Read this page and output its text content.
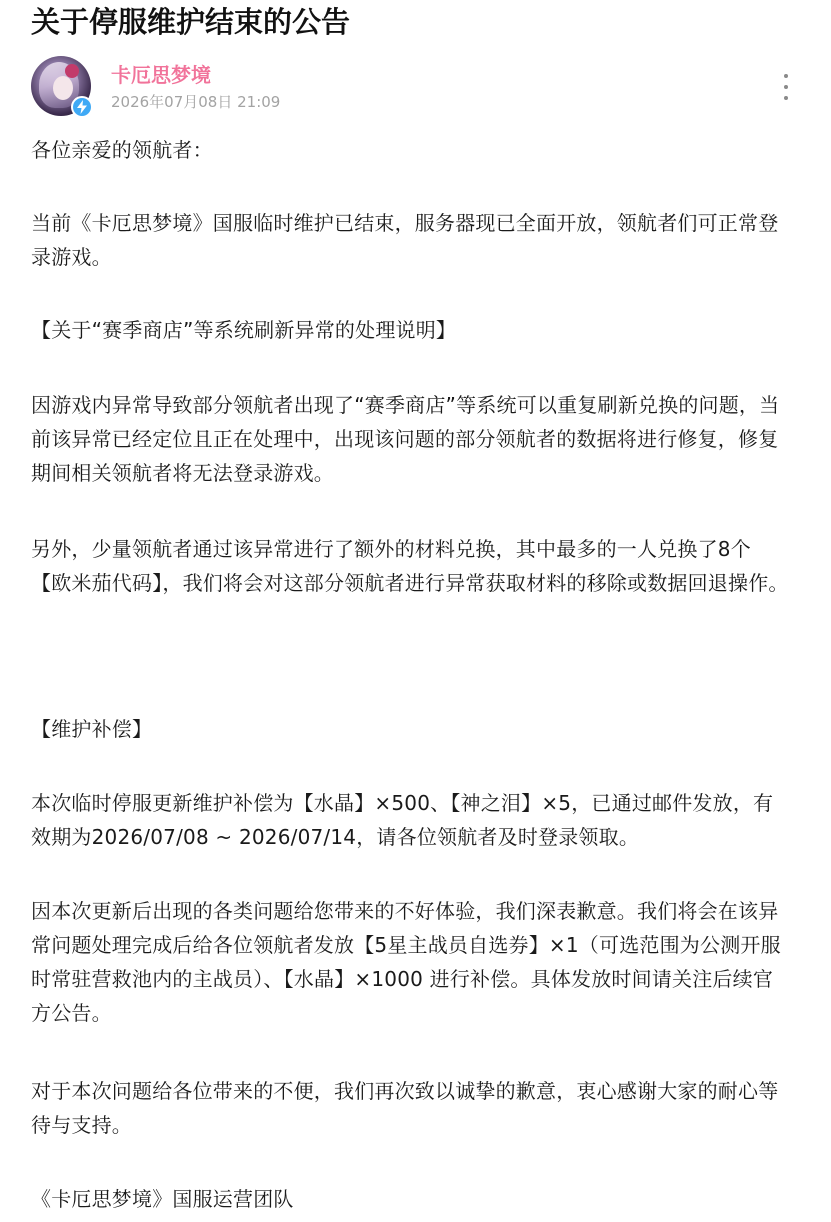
关于停服维护结束的公告
卡厄思梦境
2026年07月08日 21:09

各位亲爱的领航者：

当前《卡厄思梦境》国服临时维护已结束，服务器现已全面开放，领航者们可正常登录游戏。

【关于“赛季商店”等系统刷新异常的处理说明】

因游戏内异常导致部分领航者出现了“赛季商店”等系统可以重复刷新兑换的问题，当前该异常已经定位且正在处理中，出现该问题的部分领航者的数据将进行修复，修复期间相关领航者将无法登录游戏。

另外，少量领航者通过该异常进行了额外的材料兑换，其中最多的一人兑换了8个【欧米茄代码】，我们将会对这部分领航者进行异常获取材料的移除或数据回退操作。

【维护补偿】

本次临时停服更新维护补偿为【水晶】×500、【神之泪】×5，已通过邮件发放，有效期为2026/07/08 ~ 2026/07/14，请各位领航者及时登录领取。

因本次更新后出现的各类问题给您带来的不好体验，我们深表歉意。我们将会在该异常问题处理完成后给各位领航者发放【5星主战员自选券】×1（可选范围为公测开服时常驻营救池内的主战员）、【水晶】×1000 进行补偿。具体发放时间请关注后续官方公告。

对于本次问题给各位带来的不便，我们再次致以诚挚的歉意，衷心感谢大家的耐心等待与支持。

《卡厄思梦境》国服运营团队
